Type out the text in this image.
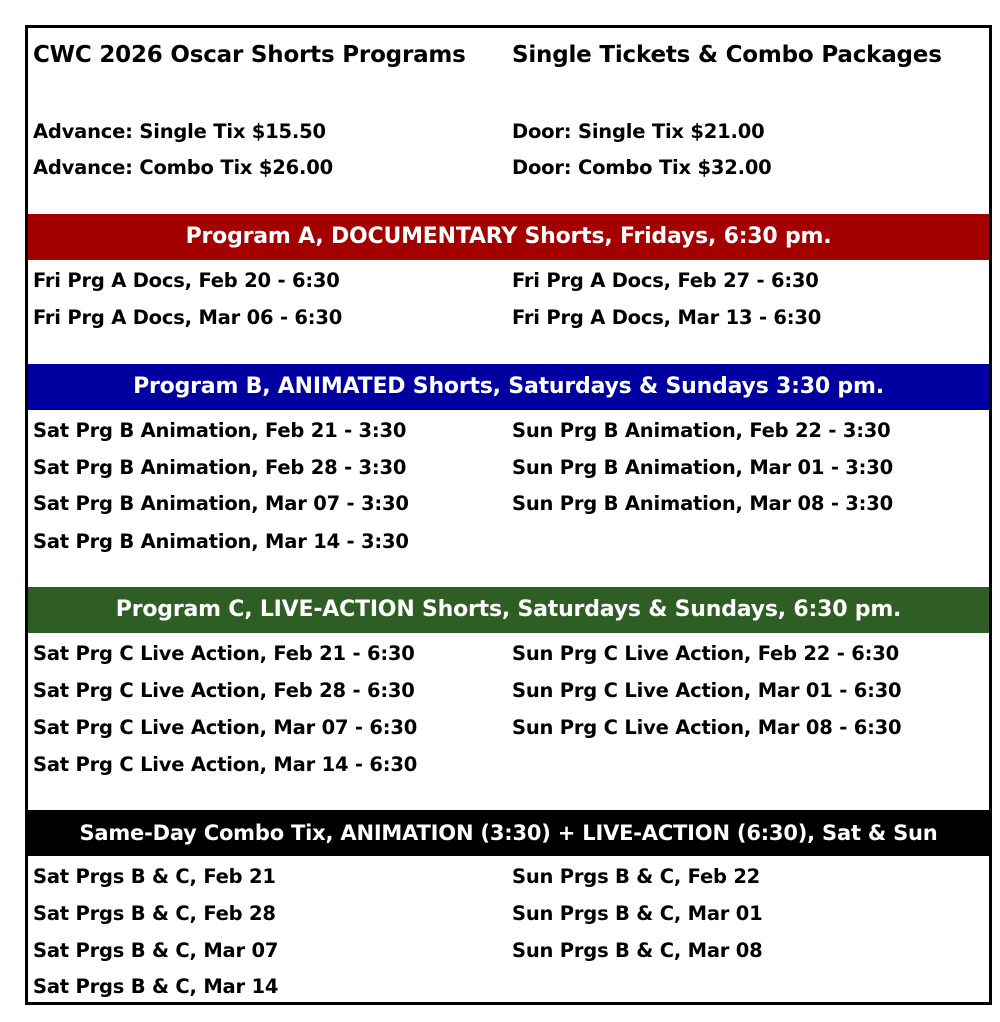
CWC 2026 Oscar Shorts Programs Single Tickets & Combo Packages
Advance: Single Tix $15.50
Advance: Combo Tix $26.00
Door: Single Tix $21.00
Door: Combo Tix $32.00
Program A, DOCUMENTARY Shorts, Fridays, 6:30 pm.
Fri Prg A Docs, Feb 20 - 6:30
Fri Prg A Docs, Mar 06 - 6:30
Fri Prg A Docs, Feb 27 - 6:30
Fri Prg A Docs, Mar 13 - 6:30
Program B, ANIMATED Shorts, Saturdays & Sundays 3:30 pm.
Sat Prg B Animation, Feb 21 - 3:30
Sat Prg B Animation, Feb 28 - 3:30
Sat Prg B Animation, Mar 07 - 3:30
Sat Prg B Animation, Mar 14 - 3:30
Sun Prg B Animation, Feb 22 - 3:30
Sun Prg B Animation, Mar 01 - 3:30
Sun Prg B Animation, Mar 08 - 3:30
Program C, LIVE-ACTION Shorts, Saturdays & Sundays, 6:30 pm.
Sat Prg C Live Action, Feb 21 - 6:30
Sat Prg C Live Action, Feb 28 - 6:30
Sat Prg C Live Action, Mar 07 - 6:30
Sat Prg C Live Action, Mar 14 - 6:30
Sun Prg C Live Action, Feb 22 - 6:30
Sun Prg C Live Action, Mar 01 - 6:30
Sun Prg C Live Action, Mar 08 - 6:30
Same-Day Combo Tix, ANIMATION (3:30) + LIVE-ACTION (6:30), Sat & Sun
Sat Prgs B & C, Feb 21
Sat Prgs B & C, Feb 28
Sat Prgs B & C, Mar 07
Sat Prgs B & C, Mar 14
Sun Prgs B & C, Feb 22
Sun Prgs B & C, Mar 01
Sun Prgs B & C, Mar 08
